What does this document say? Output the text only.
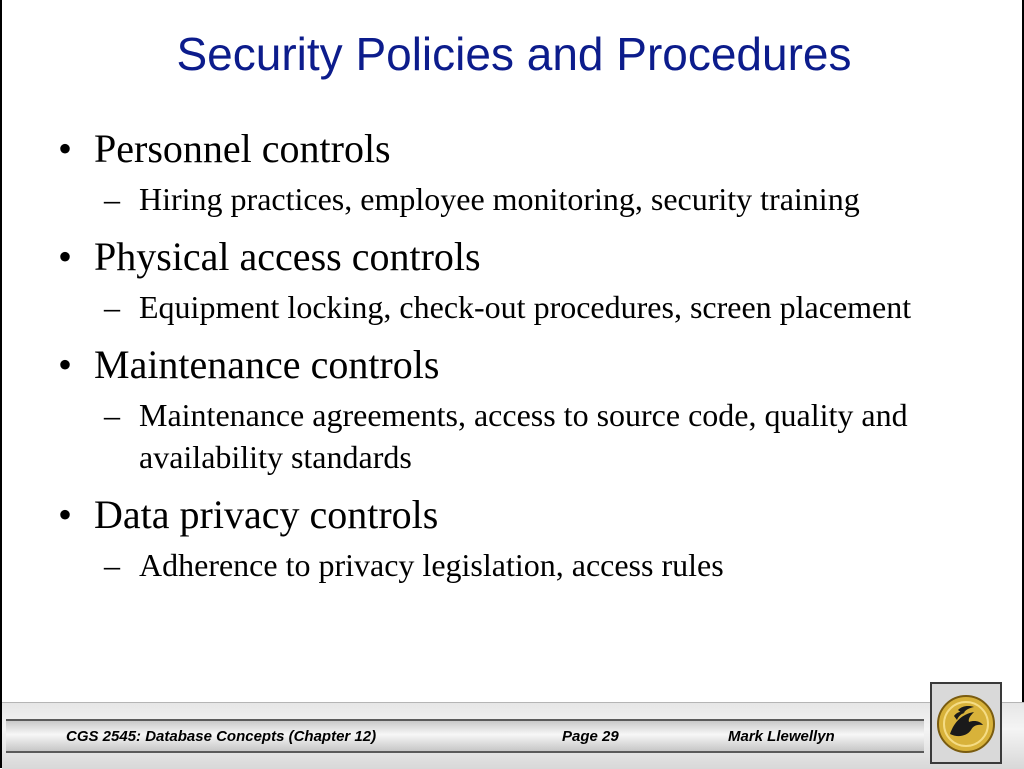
Security Policies and Procedures
• Personnel controls
– Hiring practices, employee monitoring, security training
• Physical access controls
– Equipment locking, check-out procedures, screen placement
• Maintenance controls
– Maintenance agreements, access to source code, quality and availability standards
• Data privacy controls
– Adherence to privacy legislation, access rules
CGS 2545: Database Concepts (Chapter 12)	Page 29	Mark Llewellyn
